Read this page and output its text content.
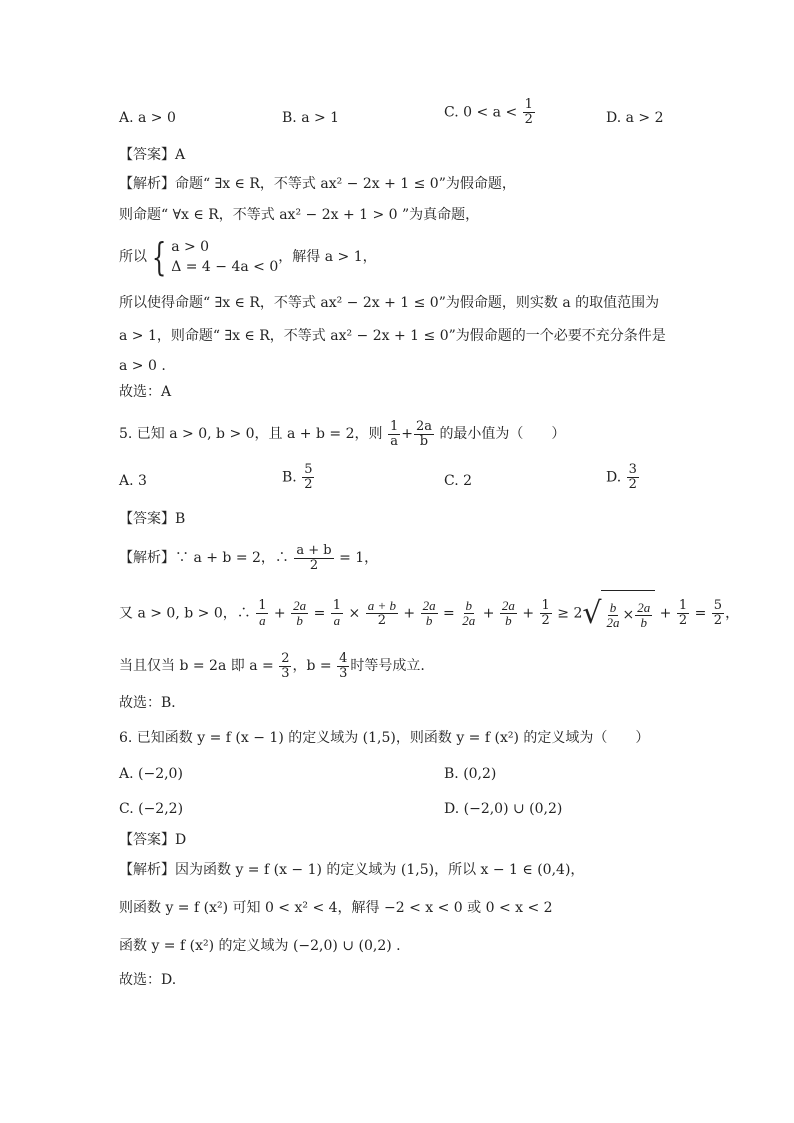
A. a > 0	B. a > 1	C. $0 < a < \frac{1}{2}$	D. a > 2
【答案】A
【解析】命题“ ∃x ∈ R，不等式 ax² − 2x + 1 ≤ 0”为假命题，
则命题“ ∀x ∈ R，不等式 ax² − 2x + 1 > 0 ”为真命题，
所以 { a > 0
Δ = 4 − 4a < 0
，解得 a > 1，
所以使得命题“ ∃x ∈ R，不等式 ax² − 2x + 1 ≤ 0”为假命题，则实数 a 的取值范围为
a > 1，则命题“ ∃x ∈ R，不等式 ax² − 2x + 1 ≤ 0”为假命题的一个必要不充分条件是
a > 0 .
故选：A
5. 已知 a > 0, b > 0，且 a + b = 2，则 $\frac{1}{a} + \frac{2a}{b}$ 的最小值为（　　）
A. 3	B. $\frac{5}{2}$	C. 2	D. $\frac{3}{2}$
【答案】B
【解析】∵ a + b = 2，∴ $\frac{a + b}{2} = 1$，
又 a > 0, b > 0，∴ $\frac{1}{a} + \frac{2a}{b} = \frac{1}{a} \times \frac{a + b}{2} + \frac{2a}{b} = \frac{b}{2a} + \frac{2a}{b} + \frac{1}{2} \ge 2$ √ $\frac{b}{2a} \times \frac{2a}{b} + \frac{1}{2} = \frac{5}{2}$ ，
当且仅当 b = 2a 即 $a = \frac{2}{3}$ ，$b = \frac{4}{3}$ 时等号成立.
故选：B．
6. 已知函数 y = f (x − 1) 的定义域为 (1,5)，则函数 y = f (x²) 的定义域为（　　）
A. (−2,0)	B. (0,2)
C. (−2,2)	D. (−2,0) ∪ (0,2)
【答案】D
【解析】因为函数 y = f (x − 1) 的定义域为 (1,5)，所以 x − 1 ∈ (0,4)，
则函数 y = f (x²) 可知 0 < x² < 4，解得 −2 < x < 0 或 0 < x < 2
函数 y = f (x²) 的定义域为 (−2,0) ∪ (0,2) .
故选：D.
